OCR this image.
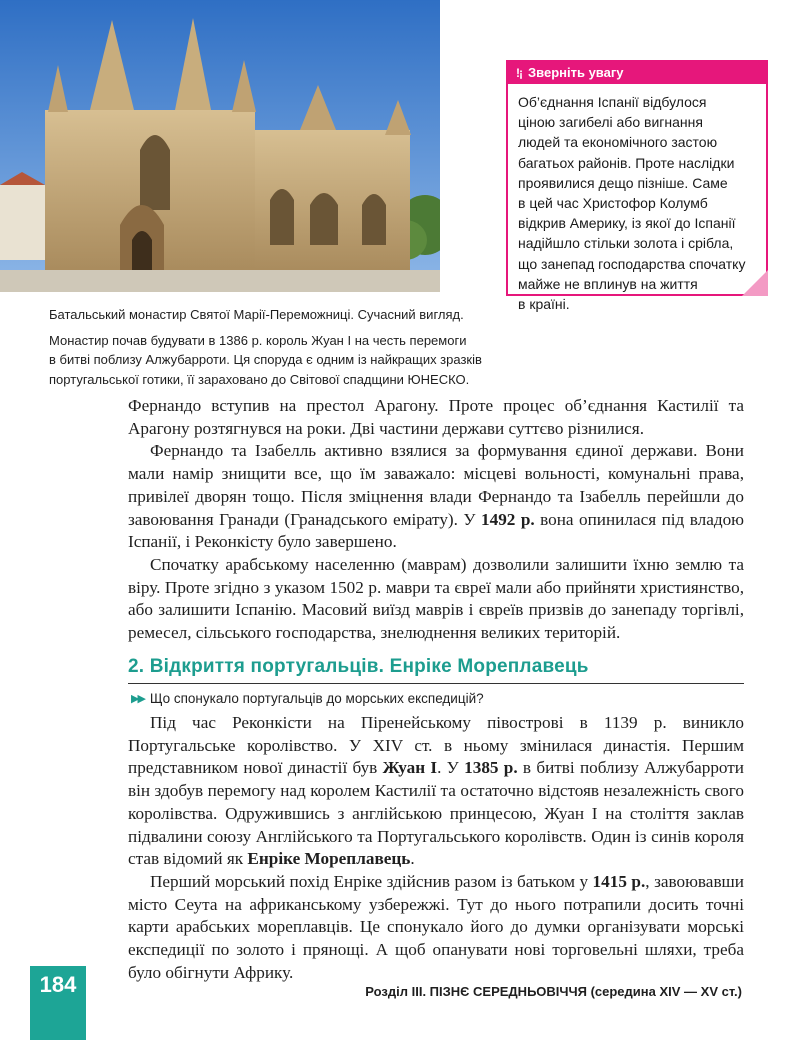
!¡ Зверніть увагу
Об’єднання Іспанії відбулося
ціною загибелі або вигнання
людей та економічного застою
багатьох районів. Проте наслідки
проявилися дещо пізніше. Саме
в цей час Христофор Колумб
відкрив Америку, із якої до Іспанії
надійшло стільки золота і срібла,
що занепад господарства спочатку
майже не вплинув на життя
в країні.
Батальський монастир Святої Марії-Переможниці. Сучасний вигляд.
Монастир почав будувати в 1386 р. король Жуан I на честь перемоги
в битві поблизу Алжубарроти. Ця споруда є одним із найкращих зразків
португальської готики, її зараховано до Світової спадщини ЮНЕСКО.

Фернандо вступив на престол Арагону. Проте процес об’єднання Кастилії та Арагону розтягнувся на роки. Дві частини держави суттєво різнилися.

Фернандо та Ізабелль активно взялися за формування єдиної держави. Вони мали намір знищити все, що їм заважало: місцеві вольності, комунальні права, привілеї дворян тощо. Після зміцнення влади Фернандо та Ізабелль перейшли до завоювання Гранади (Гранадського емірату). У 1492 р. вона опинилася під владою Іспанії, і Реконкісту було завершено.

Спочатку арабському населенню (маврам) дозволили залишити їхню землю та віру. Проте згідно з указом 1502 р. маври та євреї мали або прийняти християнство, або залишити Іспанію. Масовий виїзд маврів і євреїв призвів до занепаду торгівлі, ремесел, сільського господарства, знелюднення великих територій.

2. Відкриття португальців. Енріке Мореплавець
▶▶ Що спонукало португальців до морських експедицій?

Під час Реконкісти на Піренейському півострові в 1139 р. виникло Португальське королівство. У XIV ст. в ньому змінилася династія. Першим представником нової династії був Жуан I. У 1385 р. в битві поблизу Алжубарроти він здобув перемогу над королем Кастилії та остаточно відстояв незалежність свого королівства. Одружившись з англійською принцесою, Жуан I на століття заклав підвалини союзу Англійського та Португальського королівств. Один із синів короля став відомий як Енріке Мореплавець.

Перший морський похід Енріке здійснив разом із батьком у 1415 р., завоювавши місто Сеута на африканському узбережжі. Тут до нього потрапили досить точні карти арабських мореплавців. Це спонукало його до думки організувати морські експедиції по золото і прянощі. А щоб опанувати нові торговельні шляхи, треба було обігнути Африку.

184	Розділ ІІІ. ПІЗНЄ СЕРЕДНЬОВІЧЧЯ (середина XIV — XV ст.)
